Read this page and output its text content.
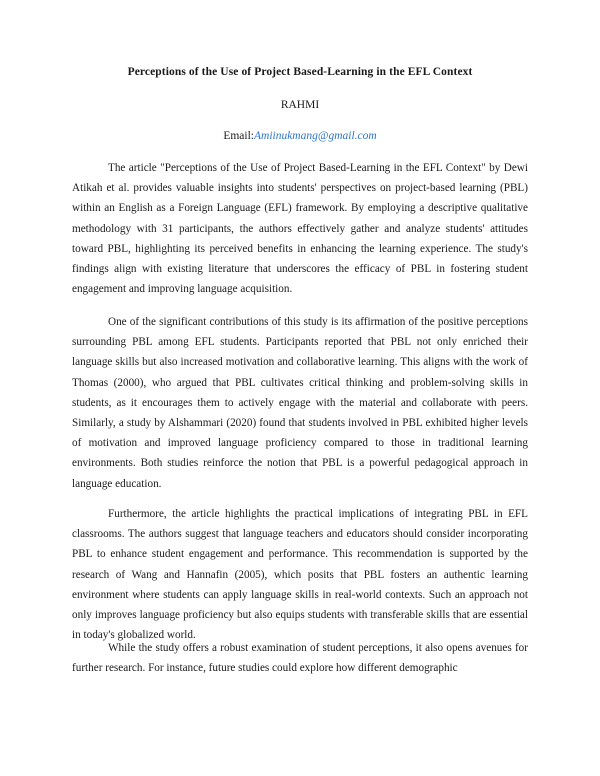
Perceptions of the Use of Project Based-Learning in the EFL Context
RAHMI
Email:Amiinukmang@gmail.com

The article "Perceptions of the Use of Project Based-Learning in the EFL Context" by Dewi Atikah et al. provides valuable insights into students' perspectives on project-based learning (PBL) within an English as a Foreign Language (EFL) framework. By employing a descriptive qualitative methodology with 31 participants, the authors effectively gather and analyze students' attitudes toward PBL, highlighting its perceived benefits in enhancing the learning experience. The study's findings align with existing literature that underscores the efficacy of PBL in fostering student engagement and improving language acquisition.

One of the significant contributions of this study is its affirmation of the positive perceptions surrounding PBL among EFL students. Participants reported that PBL not only enriched their language skills but also increased motivation and collaborative learning. This aligns with the work of Thomas (2000), who argued that PBL cultivates critical thinking and problem-solving skills in students, as it encourages them to actively engage with the material and collaborate with peers. Similarly, a study by Alshammari (2020) found that students involved in PBL exhibited higher levels of motivation and improved language proficiency compared to those in traditional learning environments. Both studies reinforce the notion that PBL is a powerful pedagogical approach in language education.

Furthermore, the article highlights the practical implications of integrating PBL in EFL classrooms. The authors suggest that language teachers and educators should consider incorporating PBL to enhance student engagement and performance. This recommendation is supported by the research of Wang and Hannafin (2005), which posits that PBL fosters an authentic learning environment where students can apply language skills in real-world contexts. Such an approach not only improves language proficiency but also equips students with transferable skills that are essential in today's globalized world.

While the study offers a robust examination of student perceptions, it also opens avenues for further research. For instance, future studies could explore how different demographic
